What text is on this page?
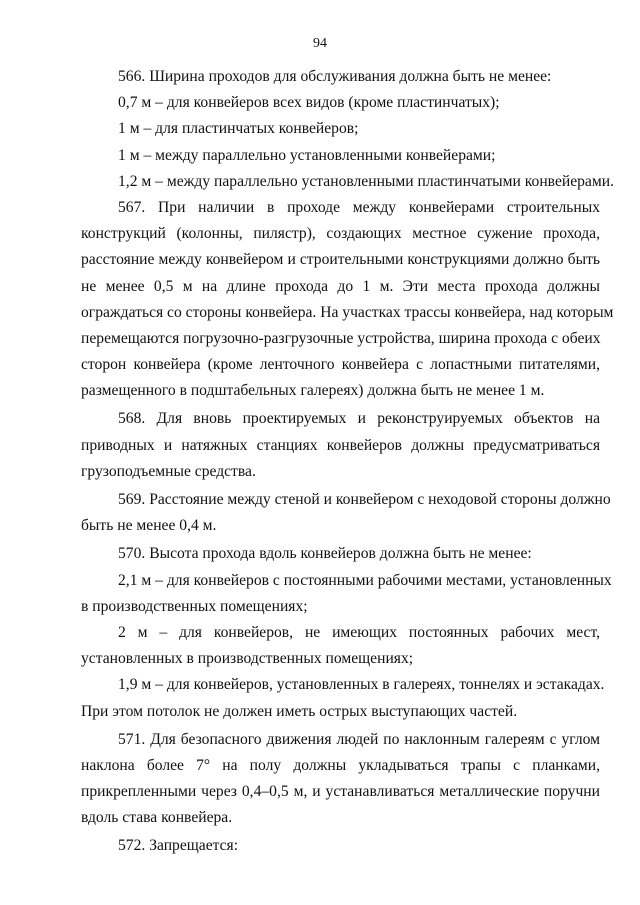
94
566. Ширина проходов для обслуживания должна быть не менее:
0,7 м – для конвейеров всех видов (кроме пластинчатых);
1 м – для пластинчатых конвейеров;
1 м – между параллельно установленными конвейерами;
1,2 м – между параллельно установленными пластинчатыми конвейерами.
567. При наличии в проходе между конвейерами строительных
конструкций (колонны, пилястр), создающих местное сужение прохода,
расстояние между конвейером и строительными конструкциями должно быть
не менее 0,5 м на длине прохода до 1 м. Эти места прохода должны
ограждаться со стороны конвейера. На участках трассы конвейера, над которым
перемещаются погрузочно-разгрузочные устройства, ширина прохода с обеих
сторон конвейера (кроме ленточного конвейера с лопастными питателями,
размещенного в подштабельных галереях) должна быть не менее 1 м.
568. Для вновь проектируемых и реконструируемых объектов на
приводных и натяжных станциях конвейеров должны предусматриваться
грузоподъемные средства.
569. Расстояние между стеной и конвейером с неходовой стороны должно
быть не менее 0,4 м.
570. Высота прохода вдоль конвейеров должна быть не менее:
2,1 м – для конвейеров с постоянными рабочими местами, установленных
в производственных помещениях;
2 м – для конвейеров, не имеющих постоянных рабочих мест,
установленных в производственных помещениях;
1,9 м – для конвейеров, установленных в галереях, тоннелях и эстакадах.
При этом потолок не должен иметь острых выступающих частей.
571. Для безопасного движения людей по наклонным галереям с углом
наклона более 7° на полу должны укладываться трапы с планками,
прикрепленными через 0,4–0,5 м, и устанавливаться металлические поручни
вдоль става конвейера.
572. Запрещается:
